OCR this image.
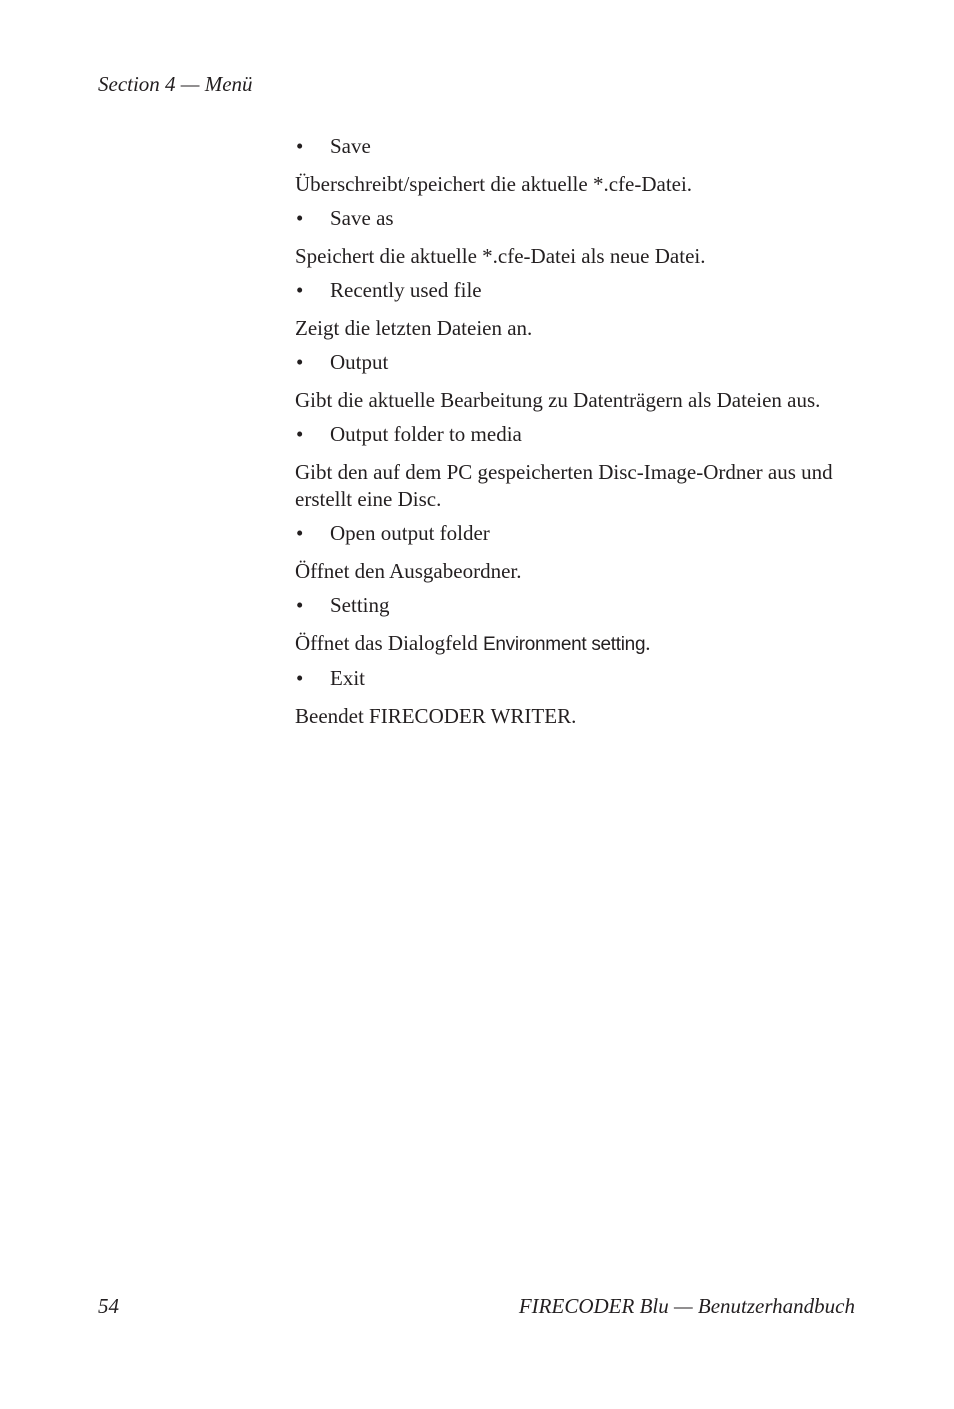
Section 4 — Menü
• Save
Überschreibt/speichert die aktuelle *.cfe-Datei.
• Save as
Speichert die aktuelle *.cfe-Datei als neue Datei.
• Recently used file
Zeigt die letzten Dateien an.
• Output
Gibt die aktuelle Bearbeitung zu Datenträgern als Dateien aus.
• Output folder to media
Gibt den auf dem PC gespeicherten Disc-Image-Ordner aus und erstellt eine Disc.
• Open output folder
Öffnet den Ausgabeordner.
• Setting
Öffnet das Dialogfeld Environment setting.
• Exit
Beendet FIRECODER WRITER.
54	FIRECODER Blu — Benutzerhandbuch
